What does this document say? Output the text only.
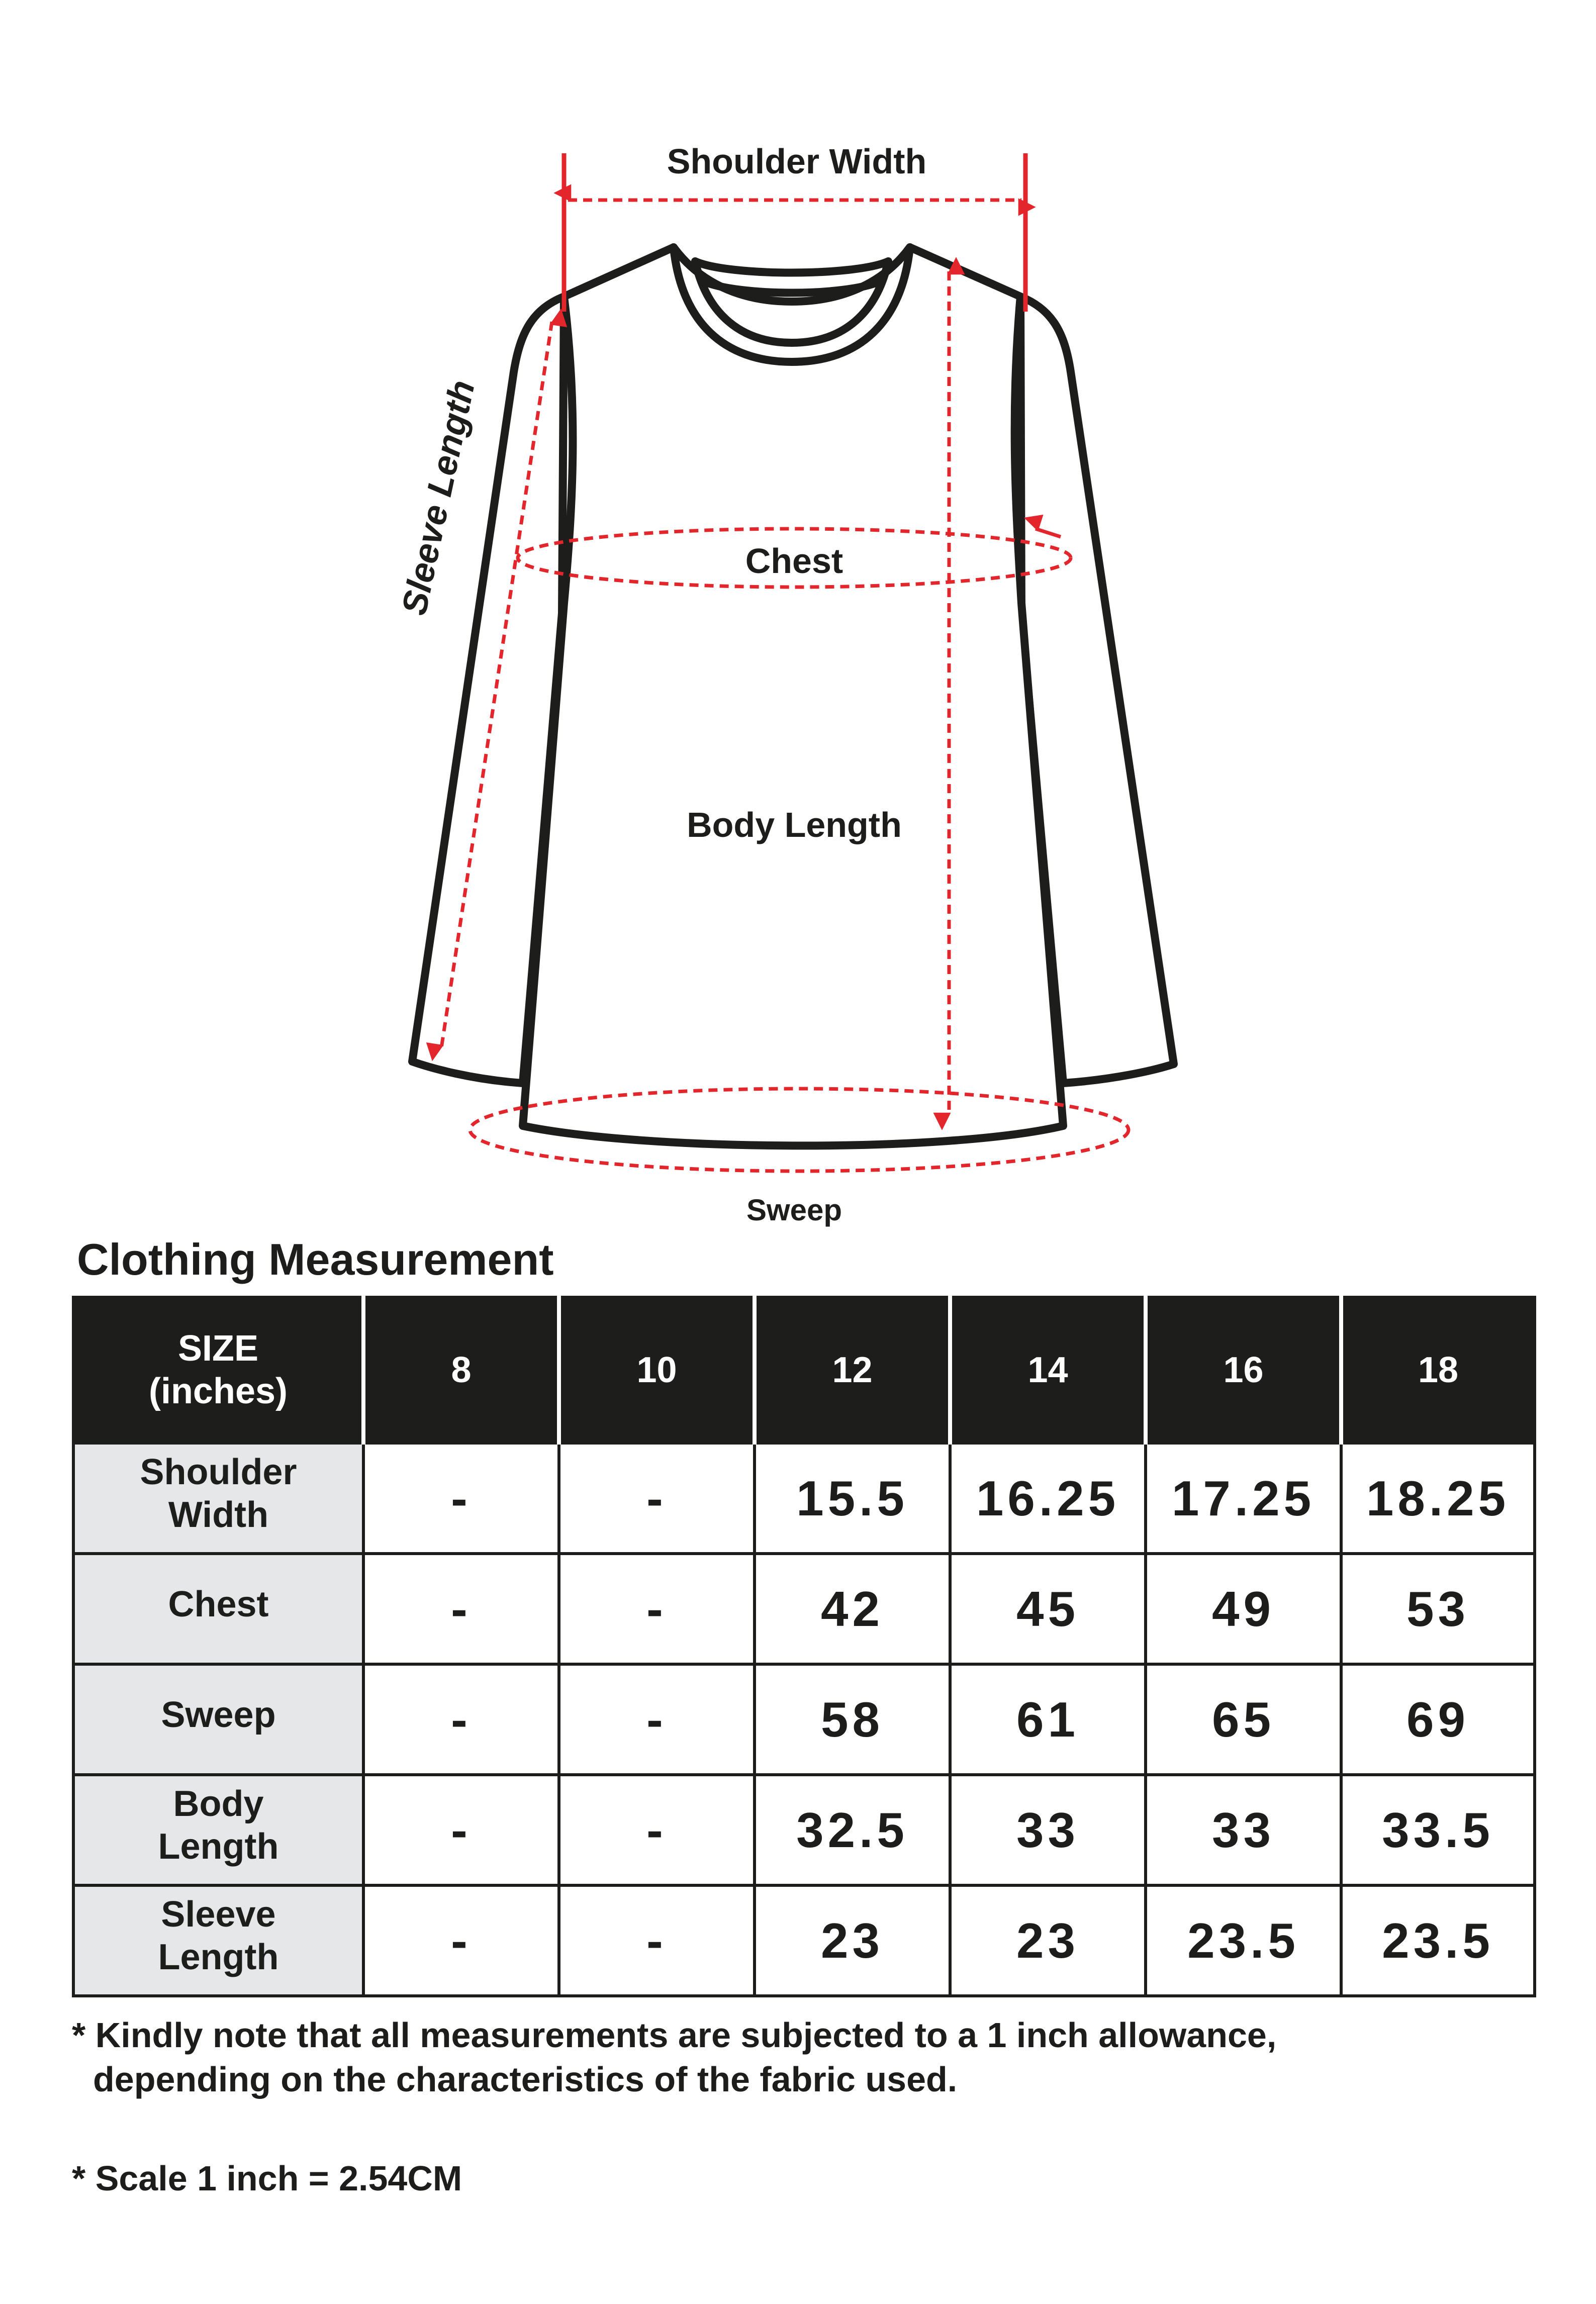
Shoulder Width
Sleeve Length	Chest
Body Length
Sweep
Clothing Measurement
SIZE
(inches)	8	10	12	14	16	18
Shoulder
Width	-	-	15.5	16.25	17.25	18.25
Chest	-	-	42	45	49	53
Sweep	-	-	58	61	65	69
Body
Length	-	-	32.5	33	33	33.5
Sleeve
Length	-	-	23	23	23.5	23.5
* Kindly note that all measurements are subjected to a 1 inch allowance,
depending on the characteristics of the fabric used.
* Scale 1 inch = 2.54CM
